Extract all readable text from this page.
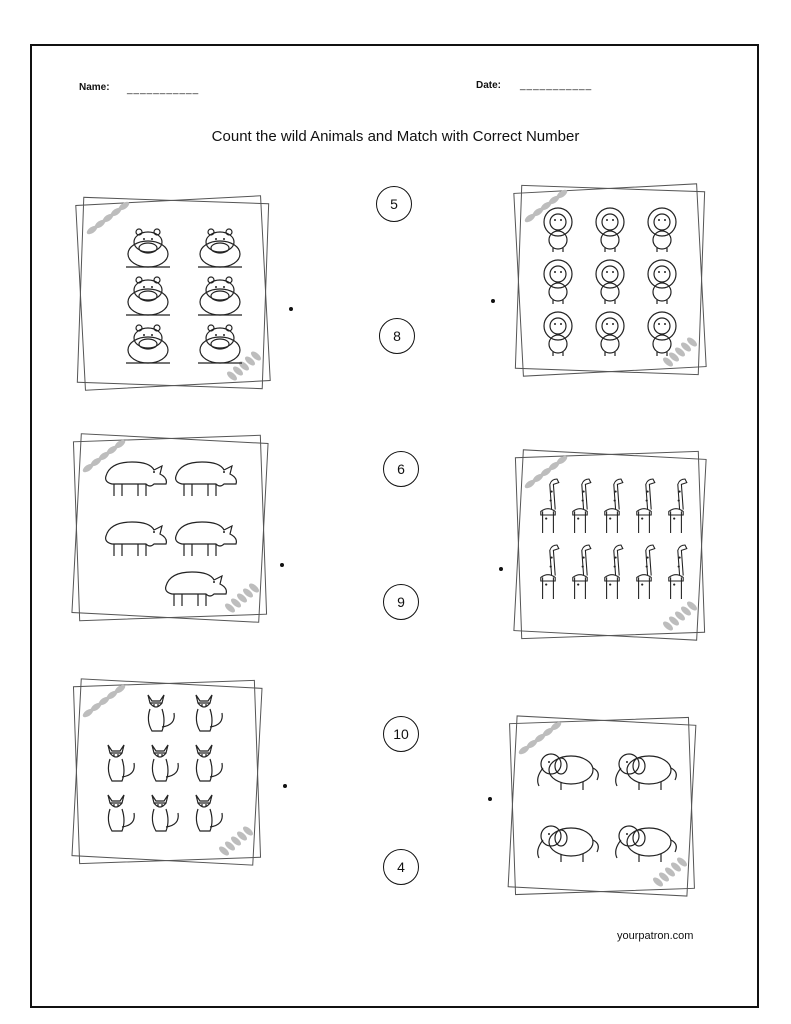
Name: ___________	Date: ___________
Count the wild Animals and Match with Correct Number
5
8
6
9
10
4
yourpatron.com
